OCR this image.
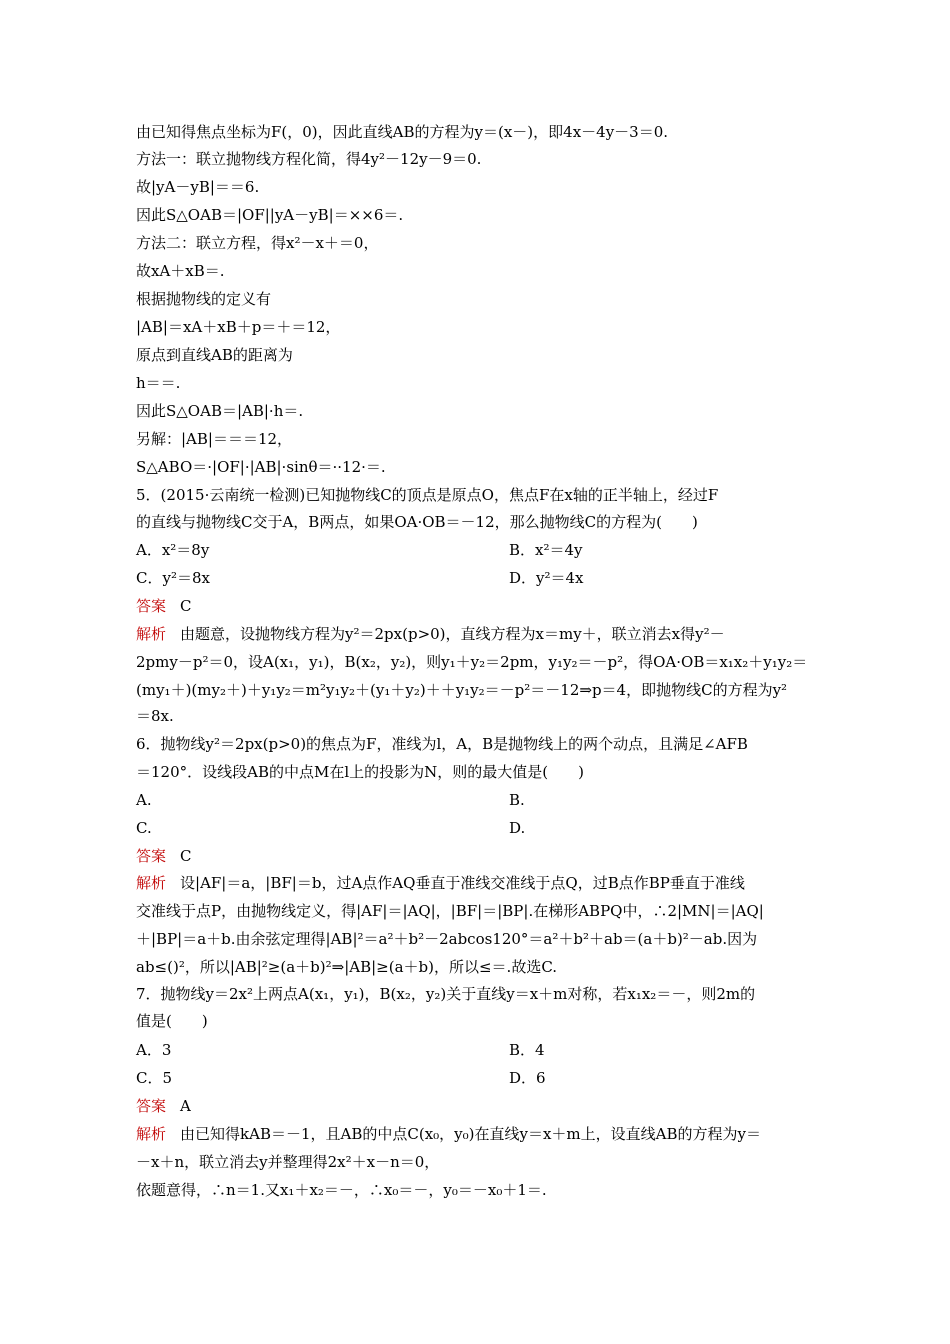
由已知得焦点坐标为F(，0)，因此直线AB的方程为y＝(x－)，即4x－4y－3＝0.
方法一：联立抛物线方程化简，得4y²－12y－9＝0.
故|yA－yB|＝＝6.
因此S△OAB＝|OF||yA－yB|＝××6＝.
方法二：联立方程，得x²－x＋＝0，
故xA＋xB＝.
根据抛物线的定义有
|AB|＝xA＋xB＋p＝＋＝12，
原点到直线AB的距离为
h＝＝.
因此S△OAB＝|AB|·h＝.
另解：|AB|＝＝＝12，
S△ABO＝·|OF|·|AB|·sinθ＝··12·＝.
5．(2015·云南统一检测)已知抛物线C的顶点是原点O，焦点F在x轴的正半轴上，经过F
的直线与抛物线C交于A，B两点，如果OA·OB＝－12，那么抛物线C的方程为(　　)
A．x²＝8y	B．x²＝4y
C．y²＝8x	D．y²＝4x
答案 C
解析 由题意，设抛物线方程为y²＝2px(p>0)，直线方程为x＝my＋，联立消去x得y²－
2pmy－p²＝0，设A(x₁，y₁)，B(x₂，y₂)，则y₁＋y₂＝2pm，y₁y₂＝－p²，得OA·OB＝x₁x₂＋y₁y₂＝
(my₁＋)(my₂＋)＋y₁y₂＝m²y₁y₂＋(y₁＋y₂)＋＋y₁y₂＝－p²＝－12⇒p＝4，即抛物线C的方程为y²
＝8x.
6．抛物线y²＝2px(p>0)的焦点为F，准线为l，A，B是抛物线上的两个动点，且满足∠AFB
＝120°．设线段AB的中点M在l上的投影为N，则的最大值是(　　)
A.	B.
C.	D.
答案 C
解析 设|AF|＝a，|BF|＝b，过A点作AQ垂直于准线交准线于点Q，过B点作BP垂直于准线
交准线于点P，由抛物线定义，得|AF|＝|AQ|，|BF|＝|BP|.在梯形ABPQ中，∴2|MN|＝|AQ|
＋|BP|＝a＋b.由余弦定理得|AB|²＝a²＋b²－2abcos120°＝a²＋b²＋ab＝(a＋b)²－ab.因为
ab≤()²，所以|AB|²≥(a＋b)²⇒|AB|≥(a＋b)，所以≤＝.故选C.
7．抛物线y＝2x²上两点A(x₁，y₁)，B(x₂，y₂)关于直线y＝x＋m对称，若x₁x₂＝－，则2m的
值是(　　)
A．3	B．4
C．5	D．6
答案 A
解析 由已知得kAB＝－1，且AB的中点C(x₀，y₀)在直线y＝x＋m上，设直线AB的方程为y＝
－x＋n，联立消去y并整理得2x²＋x－n＝0，
依题意得，∴n＝1.又x₁＋x₂＝－，∴x₀＝－，y₀＝－x₀＋1＝.
